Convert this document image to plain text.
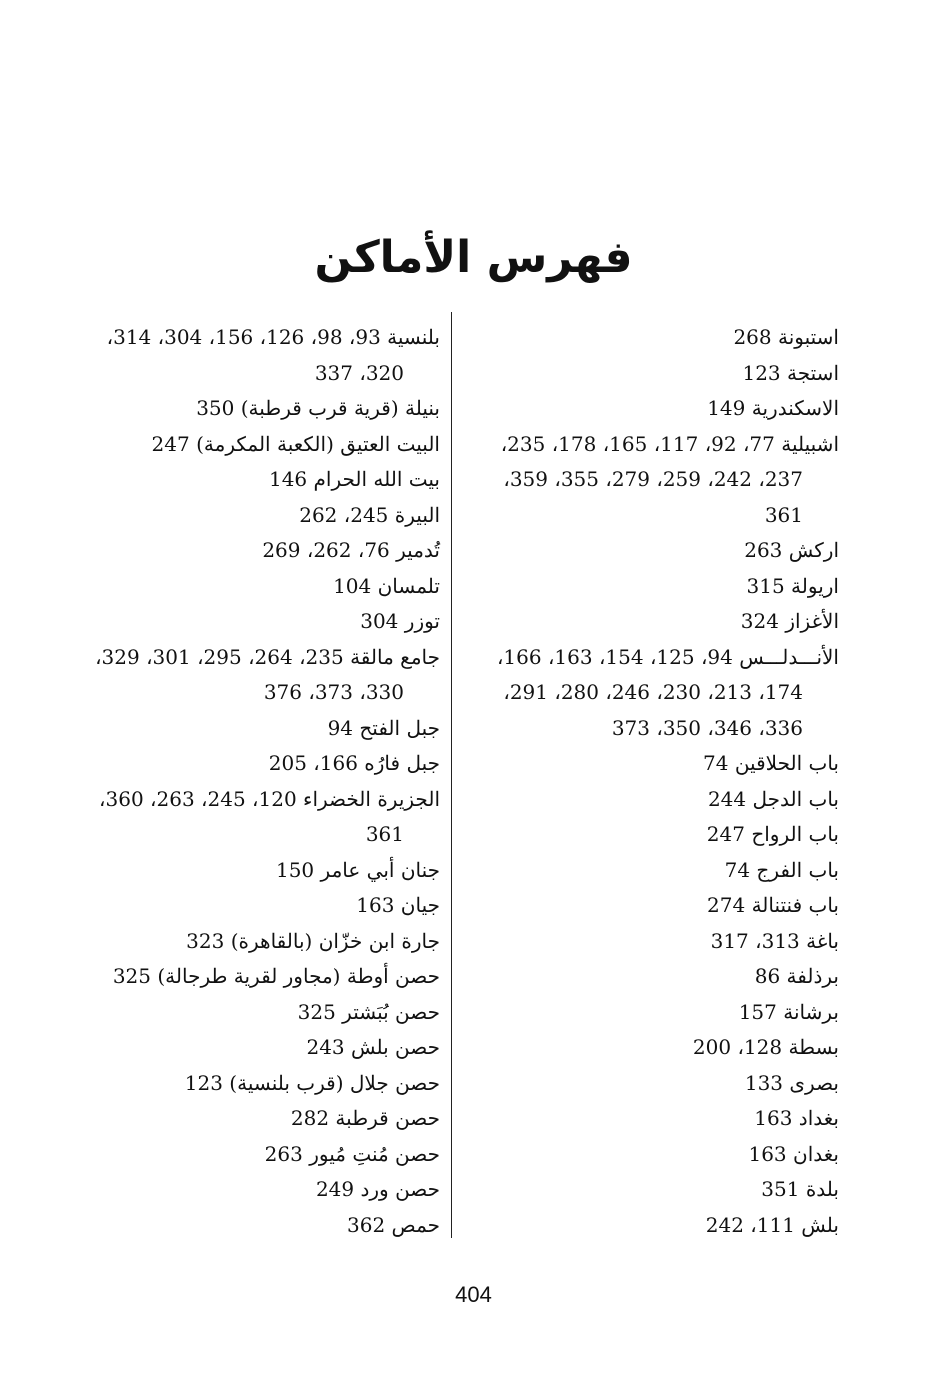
فهرس الأماكن
استبونة 268
استجة 123
الاسكندرية 149
اشبيلية 77، 92، 117، 165، 178، 235،
237، 242، 259، 279، 355، 359،
361
اركش 263
اريولة 315
الأغزاز 324
الأنـــدلـــس 94، 125، 154، 163، 166،
174، 213، 230، 246، 280، 291،
336، 346، 350، 373
باب الحلاقين 74
باب الدجل 244
باب الرواح 247
باب الفرج 74
باب فنتنالة 274
باغة 313، 317
برذلفة 86
برشانة 157
بسطة 128، 200
بصرى 133
بغداد 163
بغدان 163
بلدة 351
بلش 111، 242
بلنسية 93، 98، 126، 156، 304، 314،
320، 337
بنيلة (قرية قرب قرطبة) 350
البيت العتيق (الكعبة المكرمة) 247
بيت الله الحرام 146
البيرة 245، 262
تُدمير 76، 262، 269
تلمسان 104
توزر 304
جامع مالقة 235، 264، 295، 301، 329،
330، 373، 376
جبل الفتح 94
جبل فارُه 166، 205
الجزيرة الخضراء 120، 245، 263، 360،
361
جنان أبي عامر 150
جيان 163
جارة ابن خزّان (بالقاهرة) 323
حصن أوطة (مجاور لقرية طرجالة) 325
حصن بُبَشتر 325
حصن بلش 243
حصن جلال (قرب بلنسية) 123
حصن قرطبة 282
حصن مُنتِ مُيور 263
حصن ورد 249
حمص 362
404
